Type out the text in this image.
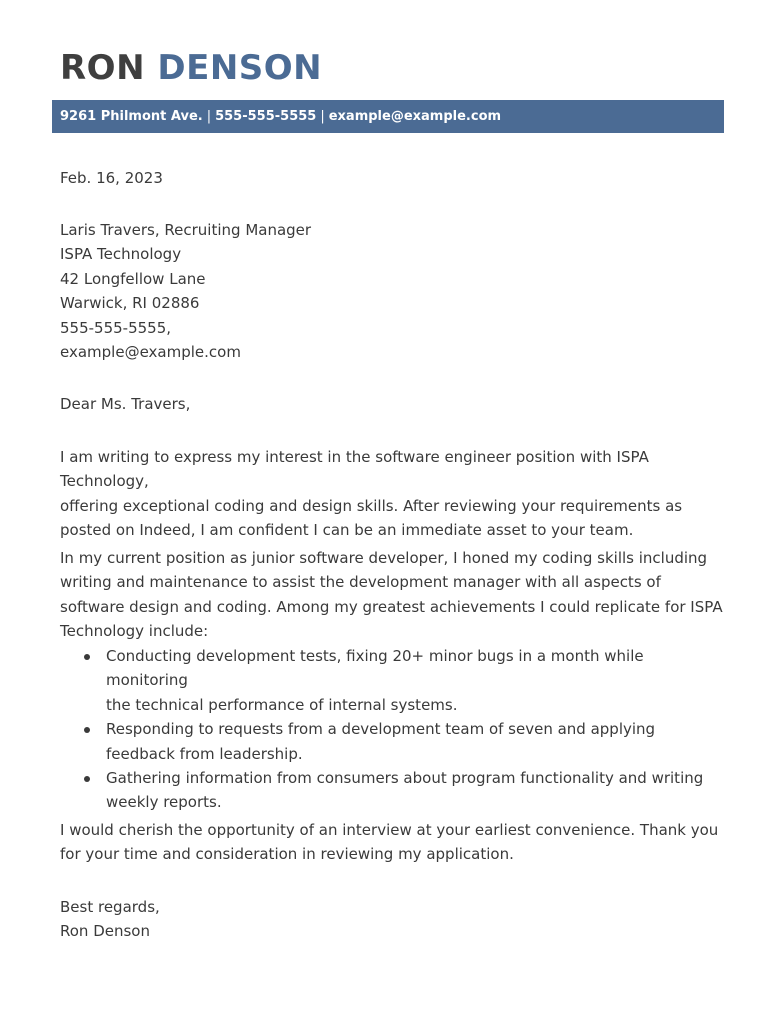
RON DENSON
9261 Philmont Ave. | 555-555-5555 | example@example.com

Feb. 16, 2023

Laris Travers, Recruiting Manager

ISPA Technology

42 Longfellow Lane

Warwick, RI 02886

555-555-5555,

example@example.com

Dear Ms. Travers,

I am writing to express my interest in the software engineer position with ISPA Technology,

offering exceptional coding and design skills. After reviewing your requirements as

posted on Indeed, I am confident I can be an immediate asset to your team.

In my current position as junior software developer, I honed my coding skills including

writing and maintenance to assist the development manager with all aspects of

software design and coding. Among my greatest achievements I could replicate for ISPA

Technology include:

Conducting development tests, fixing 20+ minor bugs in a month while monitoring
the technical performance of internal systems.
Responding to requests from a development team of seven and applying
feedback from leadership.
Gathering information from consumers about program functionality and writing
weekly reports.

I would cherish the opportunity of an interview at your earliest convenience. Thank you

for your time and consideration in reviewing my application.

Best regards,

Ron Denson
